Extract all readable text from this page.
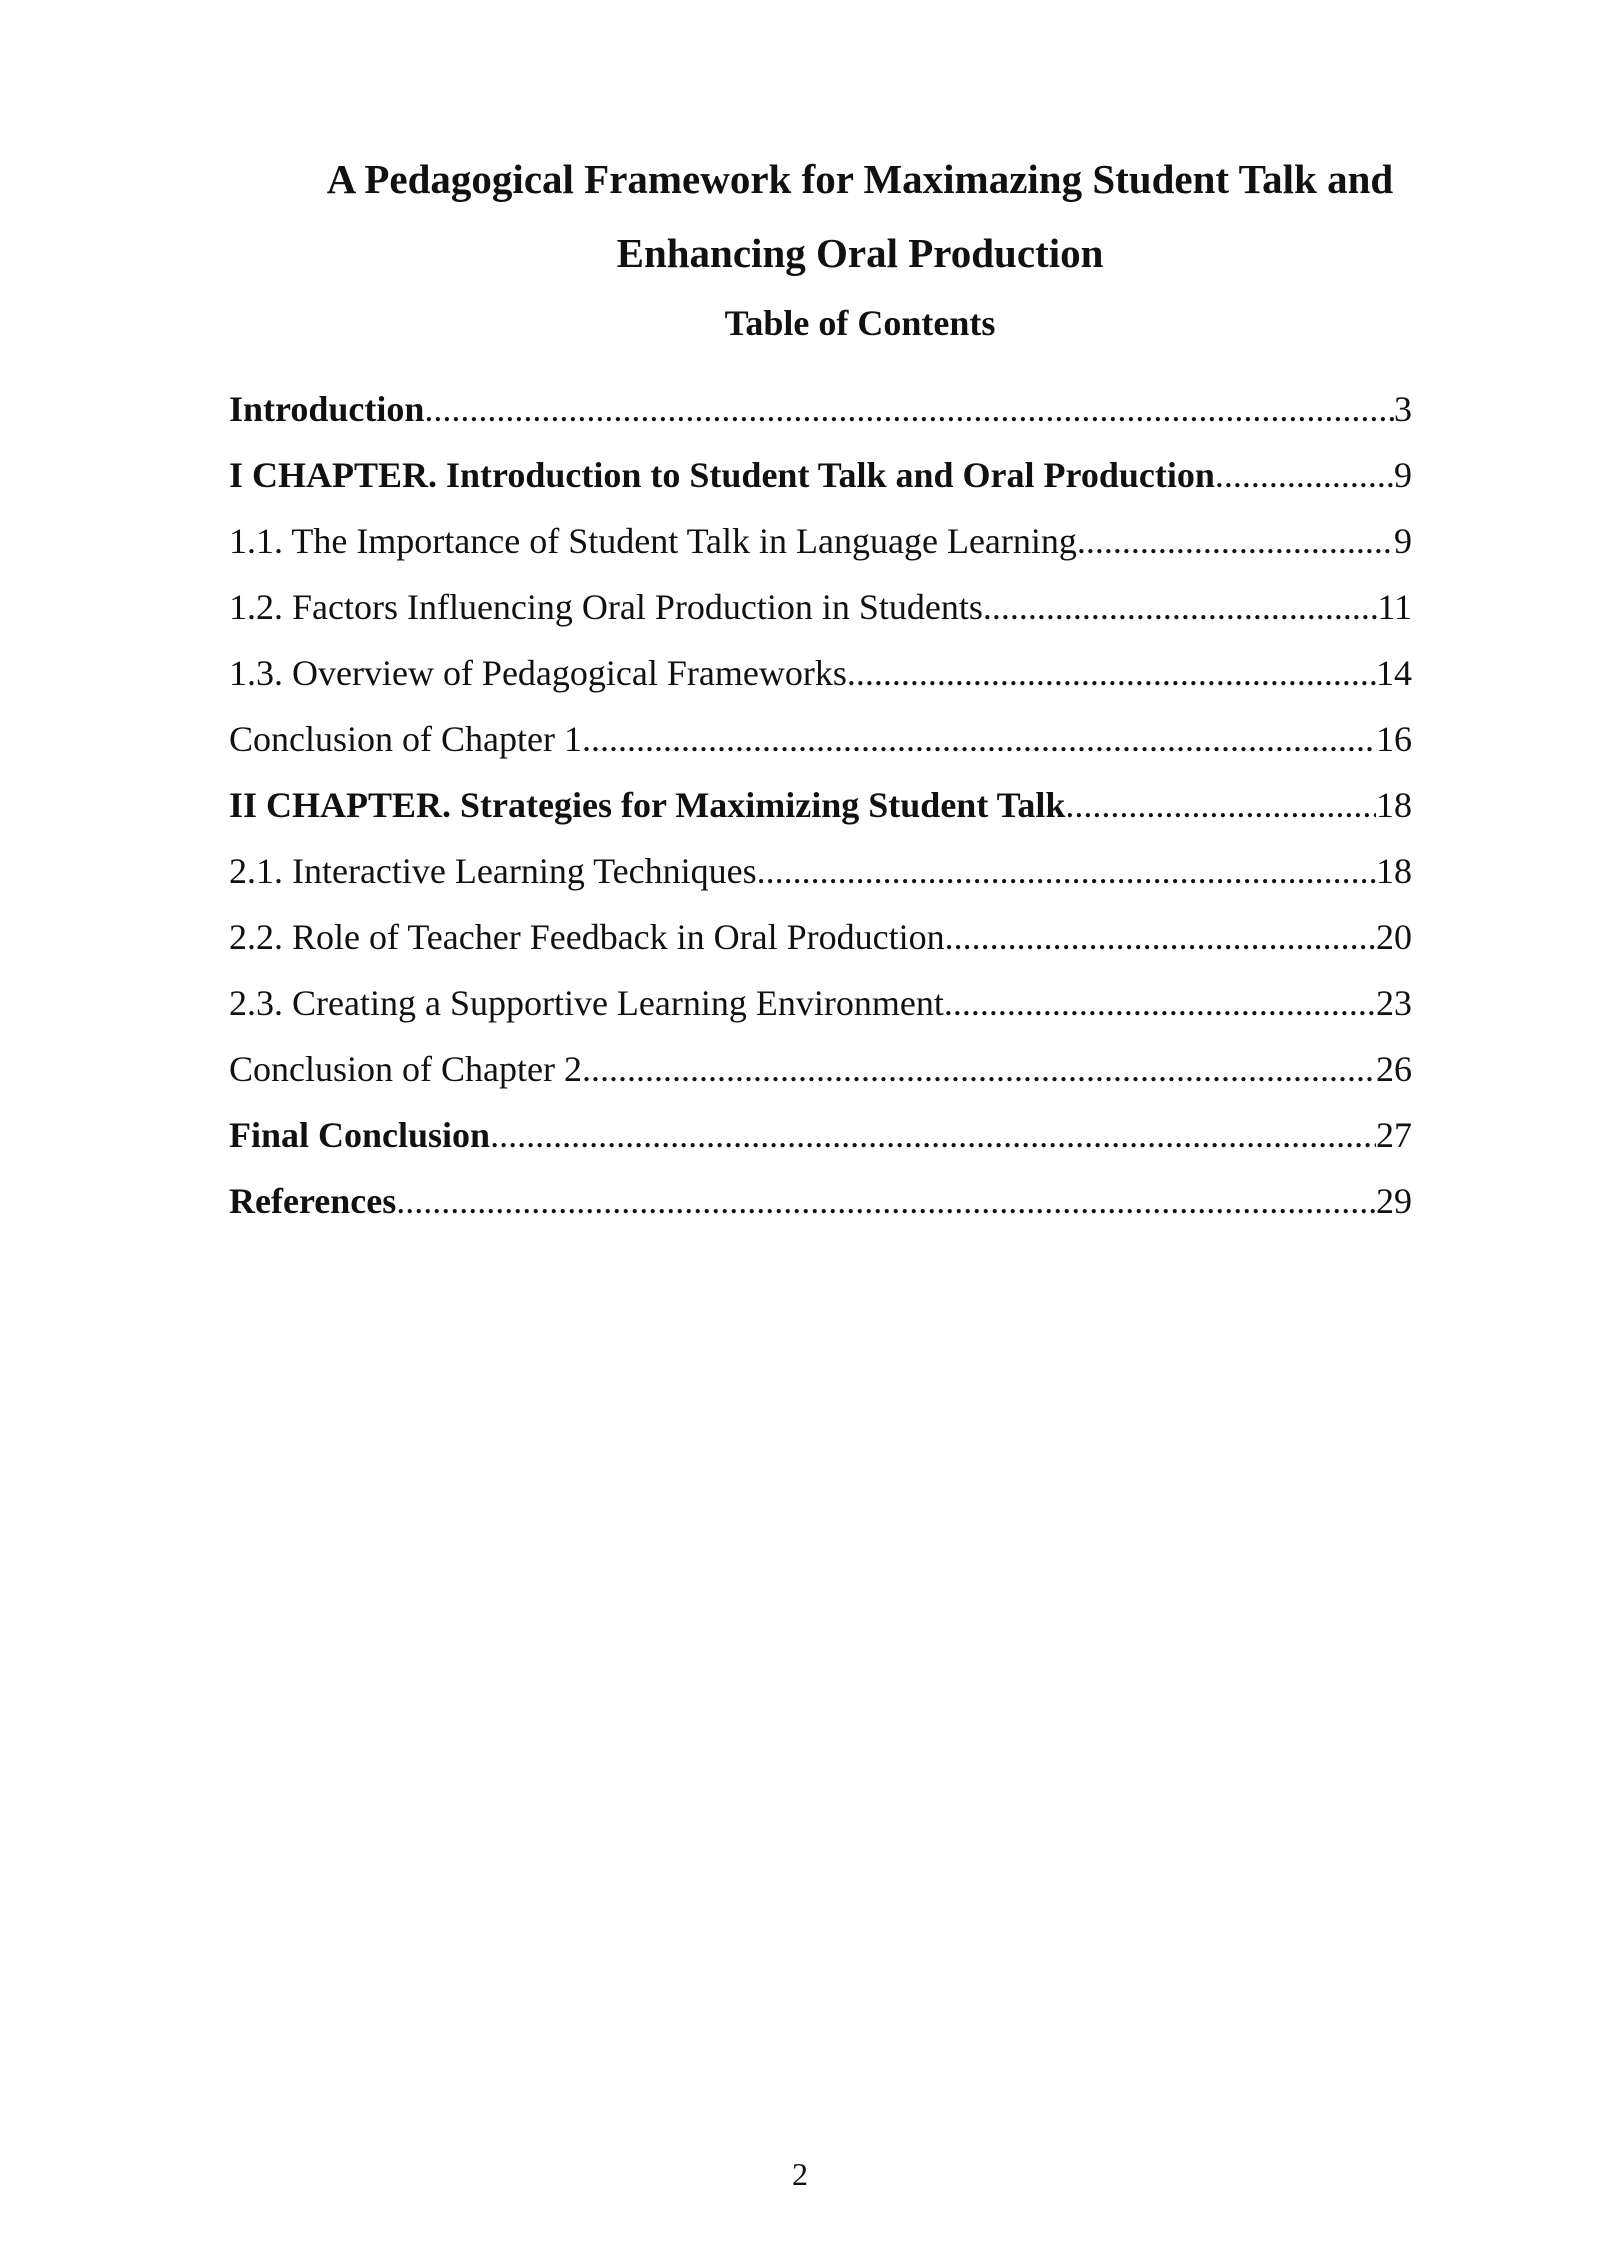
A Pedagogical Framework for Maximazing Student Talk and
Enhancing Oral Production
Table of Contents
Introduction .....	3
I CHAPTER. Introduction to Student Talk and Oral Production .....	9
1.1. The Importance of Student Talk in Language Learning .....	9
1.2. Factors Influencing Oral Production in Students .....	11
1.3. Overview of Pedagogical Frameworks .....	14
Conclusion of Chapter 1 .....	16
II CHAPTER. Strategies for Maximizing Student Talk .....	18
2.1. Interactive Learning Techniques .....	18
2.2. Role of Teacher Feedback in Oral Production .....	20
2.3. Creating a Supportive Learning Environment .....	23
Conclusion of Chapter 2 .....	26
Final Conclusion .....	27
References .....	29
2
